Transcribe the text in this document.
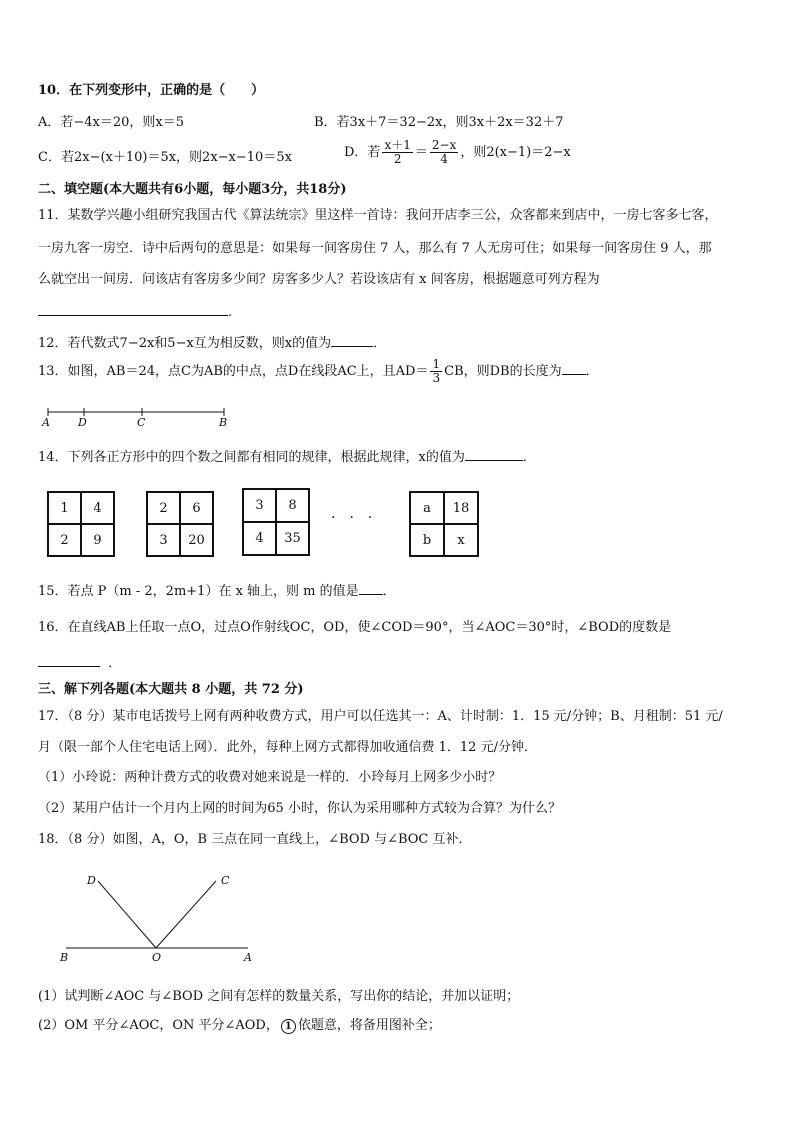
10．在下列变形中，正确的是（　　）
A．若−4x＝20，则x＝5	B．若3x＋7＝32−2x，则3x＋2x＝32＋7
C．若2x−(x＋10)＝5x，则2x−x−10＝5x	D．若 $\frac{x+1}{2} = \frac{2-x}{4}$ ，则2(x−1)＝2−x
二、填空题(本大题共有6小题，每小题3分，共18分)
11．某数学兴趣小组研究我国古代《算法统宗》里这样一首诗：我问开店李三公，众客都来到店中，一房七客多七客，
一房九客一房空．诗中后两句的意思是：如果每一间客房住 7 人，那么有 7 人无房可住；如果每一间客房住 9 人，那
么就空出一间房．问该店有客房多少间？房客多少人？若设该店有 x 间客房，根据题意可列方程为
.
12．若代数式7−2x和5−x互为相反数，则x的值为	．
13．如图，AB＝24，点C为AB的中点，点D在线段AC上，且$AD= \frac{1}{3}$ CB，则DB的长度为 ．
A	D	C	B
14．下列各正方形中的四个数之间都有相同的规律，根据此规律，x的值为	．
1	4
2	9
2	6
3	20
3	8
4	35
·　·　·
a	18
b	x
15．若点 P（m - 2，2m+1）在 x 轴上，则 m 的值是 ．
16．在直线AB上任取一点O，过点O作射线OC，OD，使∠COD＝90°，当∠AOC＝30°时，∠BOD的度数是
．
三、解下列各题(本大题共 8 小题，共 72 分)
17．（8 分）某市电话拨号上网有两种收费方式，用户可以任选其一：A、计时制：1．15 元/分钟；B、月租制：51 元/
月（限一部个人住宅电话上网）．此外，每种上网方式都得加收通信费 1．12 元/分钟．
（1）小玲说：两种计费方式的收费对她来说是一样的．小玲每月上网多少小时？
（2）某用户估计一个月内上网的时间为65 小时，你认为采用哪种方式较为合算？为什么？
18．（8 分）如图，A，O，B 三点在同一直线上，∠BOD 与∠BOC 互补．
D	C
B	O	A
(1）试判断∠AOC 与∠BOD 之间有怎样的数量关系，写出你的结论，并加以证明；
(2）OM 平分∠AOC，ON 平分∠AOD， 1 依题意，将备用图补全；
